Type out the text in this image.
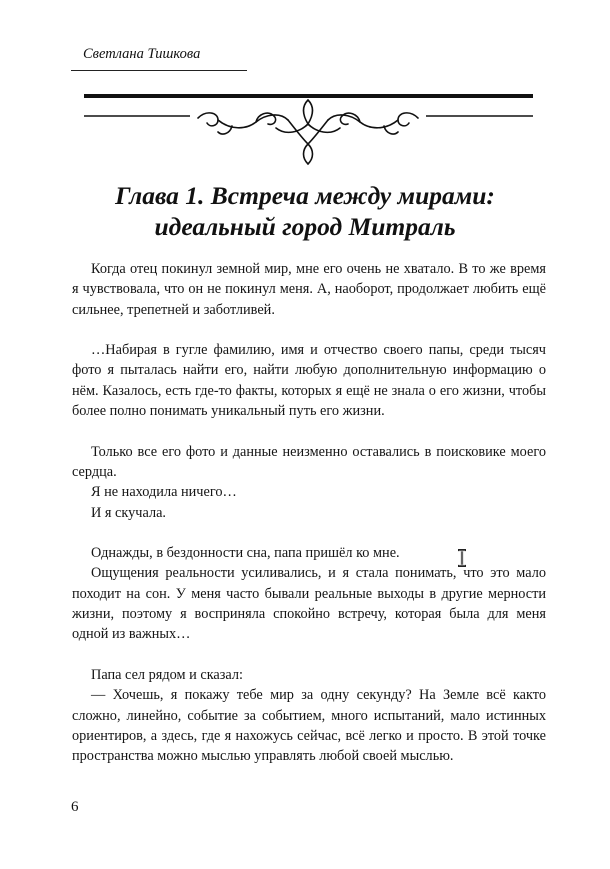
Светлана Тишкова
Глава 1. Встреча между мирами:
идеальный город Митраль

Когда отец покинул земной мир, мне его очень не хватало. В то же время я чувствовала, что он не покинул меня. А, наоборот, продолжает любить ещё сильнее, трепетней и заботливей.

…Набирая в гугле фамилию, имя и отчество своего папы, среди тысяч фото я пыталась найти его, найти любую дополнительную информацию о нём. Казалось, есть где-то факты, которых я ещё не знала о его жизни, чтобы более полно понимать уникальный путь его жизни.

Только все его фото и данные неизменно оставались в поисковике моего сердца.

Я не находила ничего…

И я скучала.

Однажды, в бездонности сна, папа пришёл ко мне.

Ощущения реальности усиливались, и я стала понимать, что это мало походит на сон. У меня часто бывали реальные выходы в другие мерности жизни, поэтому я восприняла спокойно встречу, которая была для меня одной из важных…

Папа сел рядом и сказал:

— Хочешь, я покажу тебе мир за одну секунду? На Земле всё както сложно, линейно, событие за событием, много испытаний, мало истинных ориентиров, а здесь, где я нахожусь сейчас, всё легко и просто. В этой точке пространства можно мыслью управлять любой своей мыслью.

6
